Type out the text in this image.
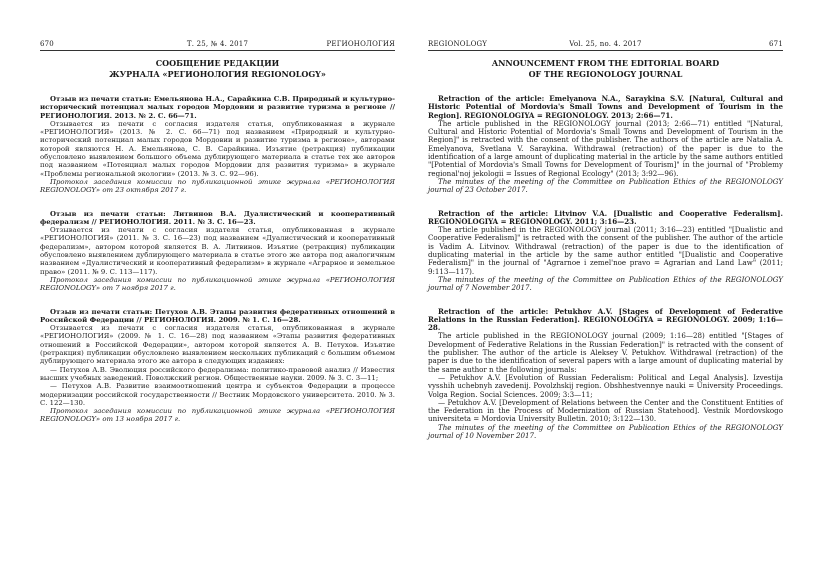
670	Т. 25, № 4. 2017	РЕГИОНОЛОГИЯ
СООБЩЕНИЕ РЕДАКЦИИ
ЖУРНАЛА «РЕГИОНОЛОГИЯ REGIONOLOGY»

Отзыв из печати статьи: Емельянова Н.А., Сарайкина С.В. Природный и культурно-исторический потенциал малых городов Мордовии и развитие туризма в регионе // РЕГИОНОЛОГИЯ. 2013. № 2. С. 66—71.

Отзывается из печати с согласия издателя статья, опубликованная в журнале «РЕГИОНОЛОГИЯ» (2013. № 2. С. 66—71) под названием «Природный и культурно-исторический потенциал малых городов Мордовии и развитие туризма в регионе», авторами которой являются Н. А. Емельянова, С. В. Сарайкина. Изъятие (ретракция) публикации обусловлено выявлением большого объема дублирующего материала в статье тех же авторов под названием «Потенциал малых городов Мордовии для развития туризма» в журнале «Проблемы региональной экологии» (2013. № 3. С. 92—96).

Протокол заседания комиссии по публикационной этике журнала «РЕГИОНОЛОГИЯ REGIONOLOGY» от 23 октября 2017 г.

Отзыв из печати статьи: Литвинов В.А. Дуалистический и кооперативный федерализм // РЕГИОНОЛОГИЯ. 2011. № 3. С. 16—23.

Отзывается из печати с согласия издателя статья, опубликованная в журнале «РЕГИОНОЛОГИЯ» (2011. № 3. С. 16—23) под названием «Дуалистический и кооперативный федерализм», автором которой является В. А. Литвинов. Изъятие (ретракция) публикации обусловлено выявлением дублирующего материала в статье этого же автора под аналогичным названием «Дуалистический и кооперативный федерализм» в журнале «Аграрное и земельное право» (2011. № 9. С. 113—117).

Протокол заседания комиссии по публикационной этике журнала «РЕГИОНОЛОГИЯ REGIONOLOGY» от 7 ноября 2017 г.

Отзыв из печати статьи: Петухов А.В. Этапы развития федеративных отношений в Российской Федерации // РЕГИОНОЛОГИЯ. 2009. № 1. С. 16—28.

Отзывается из печати с согласия издателя статья, опубликованная в журнале «РЕГИОНОЛОГИЯ» (2009. № 1. С. 16—28) под названием «Этапы развития федеративных отношений в Российской Федерации», автором которой является А. В. Петухов. Изъятие (ретракция) публикации обусловлено выявлением нескольких публикаций с большим объемом дублирующего материала этого же автора в следующих изданиях:

— Петухов А.В. Эволюция российского федерализма: политико-правовой анализ // Известия высших учебных заведений. Поволжский регион. Общественные науки. 2009. № 3. С. 3—11;

— Петухов А.В. Развитие взаимоотношений центра и субъектов Федерации в процессе модернизации российской государственности // Вестник Мордовского университета. 2010. № 3. С. 122—130.

Протокол заседания комиссии по публикационной этике журнала «РЕГИОНОЛОГИЯ REGIONOLOGY» от 13 ноября 2017 г.

REGIONOLOGY	Vol. 25, no. 4. 2017	671
ANNOUNCEMENT FROM THE EDITORIAL BOARD
OF THE REGIONOLOGY JOURNAL

Retraction of the article: Emelyanova N.A., Saraykina S.V. [Natural, Cultural and Historic Potential of Mordovia's Small Towns and Development of Tourism in the Region]. REGIONOLOGIYA = REGIONOLOGY. 2013; 2:66—71.

The article published in the REGIONOLOGY journal (2013; 2:66—71) entitled "[Natural, Cultural and Historic Potential of Mordovia's Small Towns and Development of Tourism in the Region]" is retracted with the consent of the publisher. The authors of the article are Natalia A. Emelyanova, Svetlana V. Saraykina. Withdrawal (retraction) of the paper is due to the identification of a large amount of duplicating material in the article by the same authors entitled "[Potential of Mordovia's Small Towns for Development of Tourism]" in the journal of "Problemy regional'noj jekologii = Issues of Regional Ecology" (2013; 3:92—96).

The minutes of the meeting of the Committee on Publication Ethics of the REGIONOLOGY journal of 23 October 2017.

Retraction of the article: Litvinov V.A. [Dualistic and Cooperative Federalism]. REGIONOLOGIYA = REGIONOLOGY. 2011; 3:16—23.

The article published in the REGIONOLOGY journal (2011; 3:16—23) entitled "[Dualistic and Cooperative Federalism]" is retracted with the consent of the publisher. The author of the article is Vadim A. Litvinov. Withdrawal (retraction) of the paper is due to the identification of duplicating material in the article by the same author entitled "[Dualistic and Cooperative Federalism]" in the journal of "Agrarnoe i zemel'noe pravo = Agrarian and Land Law" (2011; 9:113—117).

The minutes of the meeting of the Committee on Publication Ethics of the REGIONOLOGY journal of 7 November 2017.

Retraction of the article: Petukhov A.V. [Stages of Development of Federative Relations in the Russian Federation]. REGIONOLOGIYA = REGIONOLOGY. 2009; 1:16—28.

The article published in the REGIONOLOGY journal (2009; 1:16—28) entitled "[Stages of Development of Federative Relations in the Russian Federation]" is retracted with the consent of the publisher. The author of the article is Aleksey V. Petukhov. Withdrawal (retraction) of the paper is due to the identification of several papers with a large amount of duplicating material by the same author n the following journals:

— Petukhov A.V. [Evolution of Russian Federalism: Political and Legal Analysis]. Izvestija vysshih uchebnyh zavedenij. Povolzhskij region. Obshhestvennye nauki = University Proceedings. Volga Region. Social Sciences. 2009; 3:3—11;

— Petukhov A.V. [Development of Relations between the Center and the Constituent Entities of the Federation in the Process of Modernization of Russian Statehood]. Vestnik Mordovskogo universiteta = Mordovia University Bulletin. 2010; 3:122—130.

The minutes of the meeting of the Committee on Publication Ethics of the REGIONOLOGY journal of 10 November 2017.
